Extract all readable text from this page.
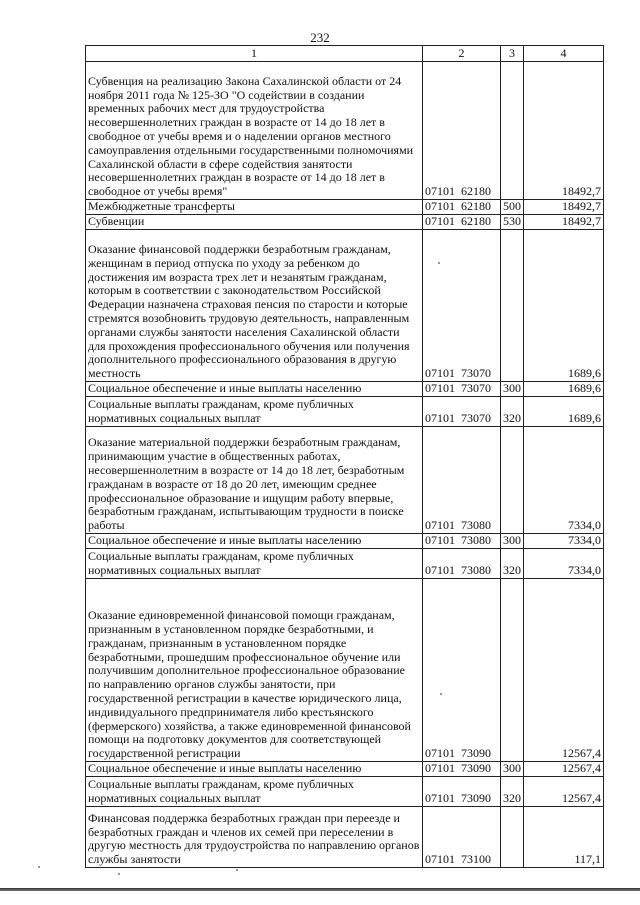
232
1	2	3	4
Субвенция на реализацию Закона Сахалинской области от 24 ноября 2011 года № 125-ЗО "О содействии в создании временных рабочих мест для трудоустройства несовершеннолетних граждан в возрасте от 14 до 18 лет в свободное от учебы время и о наделении органов местного самоуправления отдельными государственными полномочиями Сахалинской области в сфере содействия занятости несовершеннолетних граждан в возрасте от 14 до 18 лет в свободное от учебы время"	07101 62180		18492,7
Межбюджетные трансферты	07101 62180	500	18492,7
Субвенции	07101 62180	530	18492,7
Оказание финансовой поддержки безработным гражданам, женщинам в период отпуска по уходу за ребенком до достижения им возраста трех лет и незанятым гражданам, которым в соответствии с законодательством Российской Федерации назначена страховая пенсия по старости и которые стремятся возобновить трудовую деятельность, направленным органами службы занятости населения Сахалинской области для прохождения профессионального обучения или получения дополнительного профессионального образования в другую местность	07101 73070		1689,6
Социальное обеспечение и иные выплаты населению	07101 73070	300	1689,6
Социальные выплаты гражданам, кроме публичных нормативных социальных выплат	07101 73070	320	1689,6
Оказание материальной поддержки безработным гражданам, принимающим участие в общественных работах, несовершеннолетним в возрасте от 14 до 18 лет, безработным гражданам в возрасте от 18 до 20 лет, имеющим среднее профессиональное образование и ищущим работу впервые, безработным гражданам, испытывающим трудности в поиске работы	07101 73080		7334,0
Социальное обеспечение и иные выплаты населению	07101 73080	300	7334,0
Социальные выплаты гражданам, кроме публичных нормативных социальных выплат	07101 73080	320	7334,0
Оказание единовременной финансовой помощи гражданам, признанным в установленном порядке безработными, и гражданам, признанным в установленном порядке безработными, прошедшим профессиональное обучение или получившим дополнительное профессиональное образование по направлению органов службы занятости, при государственной регистрации в качестве юридического лица, индивидуального предпринимателя либо крестьянского (фермерского) хозяйства, а также единовременной финансовой помощи на подготовку документов для соответствующей государственной регистрации	07101 73090		12567,4
Социальное обеспечение и иные выплаты населению	07101 73090	300	12567,4
Социальные выплаты гражданам, кроме публичных нормативных социальных выплат	07101 73090	320	12567,4
Финансовая поддержка безработных граждан при переезде и безработных граждан и членов их семей при переселении в другую местность для трудоустройства по направлению органов службы занятости	07101 73100		117,1
